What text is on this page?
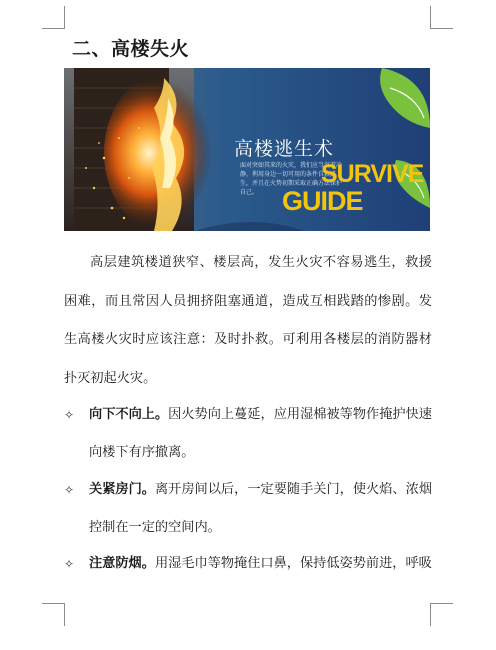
二、高楼失火
高楼逃生术
面对突如其来的火灾，我们应当沉着冷静，利用身边一切可用的条件自救逃生，并且在火势初期采取正确方法保护自己。
SURVIVE
GUIDE
高层建筑楼道狭窄、楼层高，发生火灾不容易逃生，救援困难，而且常因人员拥挤阻塞通道，造成互相践踏的惨剧。发生高楼火灾时应该注意：及时扑救。可利用各楼层的消防器材扑灭初起火灾。
✧	向下不向上。因火势向上蔓延，应用湿棉被等物作掩护快速向楼下有序撤离。
✧	关紧房门。离开房间以后，一定要随手关门，使火焰、浓烟控制在一定的空间内。
✧	注意防烟。用湿毛巾等物掩住口鼻，保持低姿势前进，呼吸
